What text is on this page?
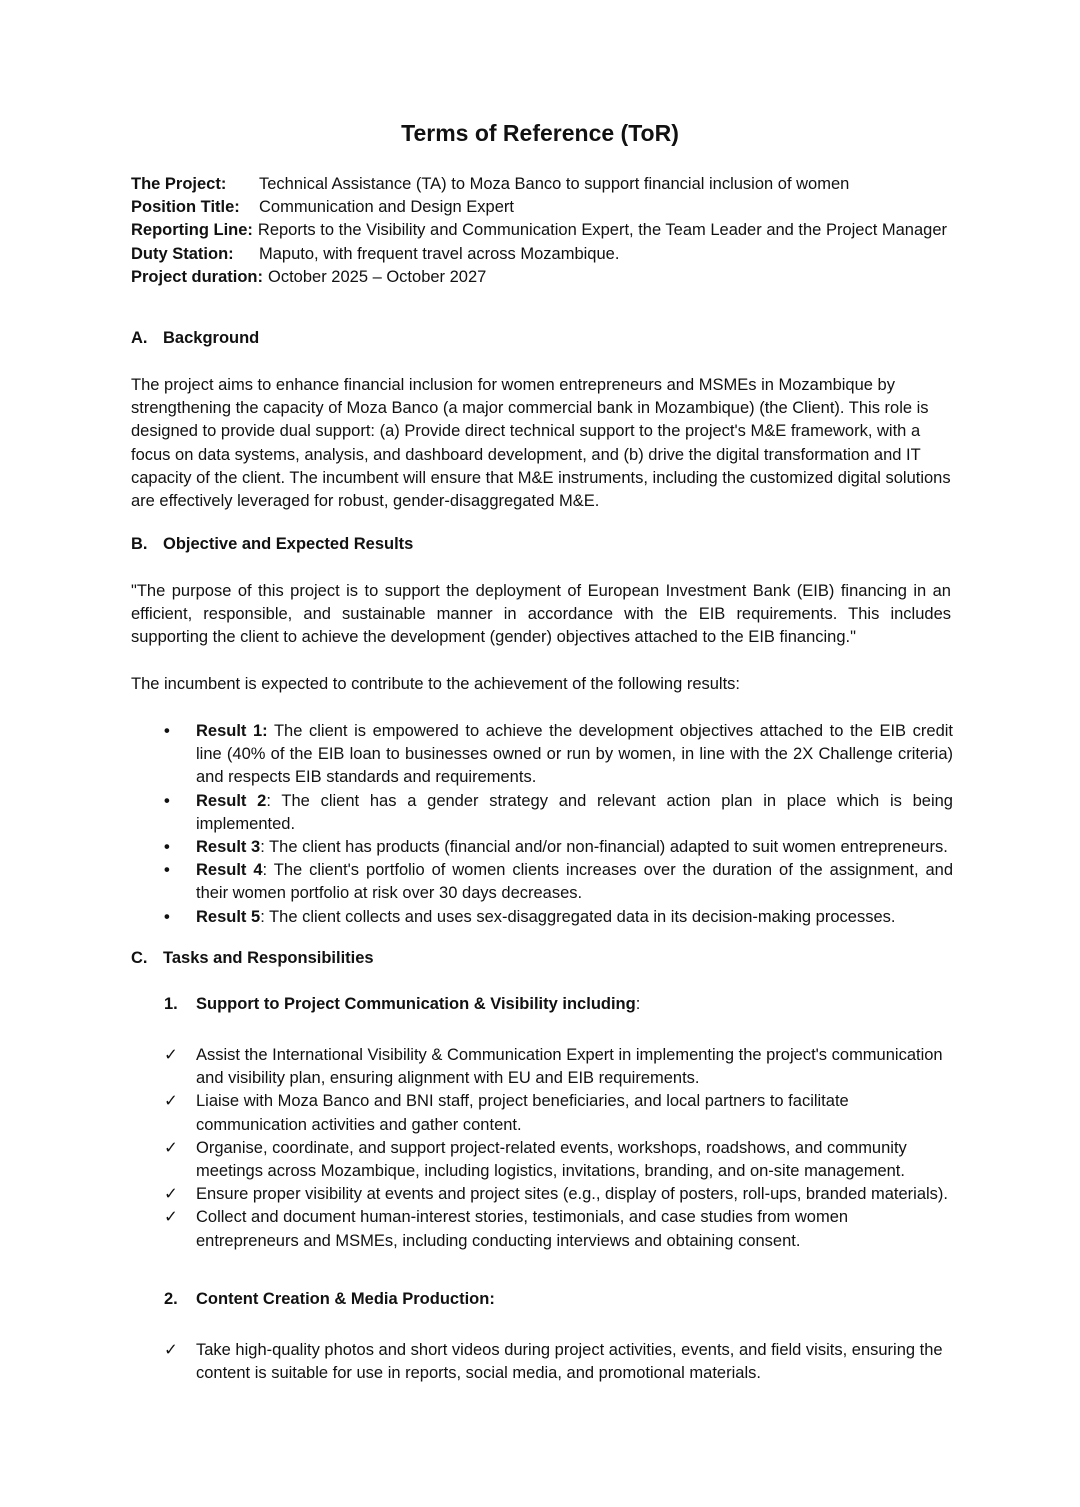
Terms of Reference (ToR)
The Project: Technical Assistance (TA) to Moza Banco to support financial inclusion of women
Position Title: Communication and Design Expert
Reporting Line: Reports to the Visibility and Communication Expert, the Team Leader and the Project Manager
Duty Station: Maputo, with frequent travel across Mozambique.
Project duration: October 2025 – October 2027
A. Background

The project aims to enhance financial inclusion for women entrepreneurs and MSMEs in Mozambique by strengthening the capacity of Moza Banco (a major commercial bank in Mozambique) (the Client). This role is designed to provide dual support: (a) Provide direct technical support to the project's M&E framework, with a focus on data systems, analysis, and dashboard development, and (b) drive the digital transformation and IT capacity of the client. The incumbent will ensure that M&E instruments, including the customized digital solutions are effectively leveraged for robust, gender-disaggregated M&E.

B. Objective and Expected Results

"The purpose of this project is to support the deployment of European Investment Bank (EIB) financing in an efficient, responsible, and sustainable manner in accordance with the EIB requirements. This includes supporting the client to achieve the development (gender) objectives attached to the EIB financing."

The incumbent is expected to contribute to the achievement of the following results:

• Result 1: The client is empowered to achieve the development objectives attached to the EIB credit line (40% of the EIB loan to businesses owned or run by women, in line with the 2X Challenge criteria) and respects EIB standards and requirements.
• Result 2: The client has a gender strategy and relevant action plan in place which is being implemented.
• Result 3: The client has products (financial and/or non-financial) adapted to suit women entrepreneurs.
• Result 4: The client's portfolio of women clients increases over the duration of the assignment, and their women portfolio at risk over 30 days decreases.
• Result 5: The client collects and uses sex-disaggregated data in its decision-making processes.
C. Tasks and Responsibilities
1. Support to Project Communication & Visibility including:
✓ Assist the International Visibility & Communication Expert in implementing the project's communication and visibility plan, ensuring alignment with EU and EIB requirements.
✓ Liaise with Moza Banco and BNI staff, project beneficiaries, and local partners to facilitate communication activities and gather content.
✓ Organise, coordinate, and support project-related events, workshops, roadshows, and community meetings across Mozambique, including logistics, invitations, branding, and on-site management.
✓ Ensure proper visibility at events and project sites (e.g., display of posters, roll-ups, branded materials).
✓ Collect and document human-interest stories, testimonials, and case studies from women entrepreneurs and MSMEs, including conducting interviews and obtaining consent.
2. Content Creation & Media Production:
✓ Take high-quality photos and short videos during project activities, events, and field visits, ensuring the content is suitable for use in reports, social media, and promotional materials.
